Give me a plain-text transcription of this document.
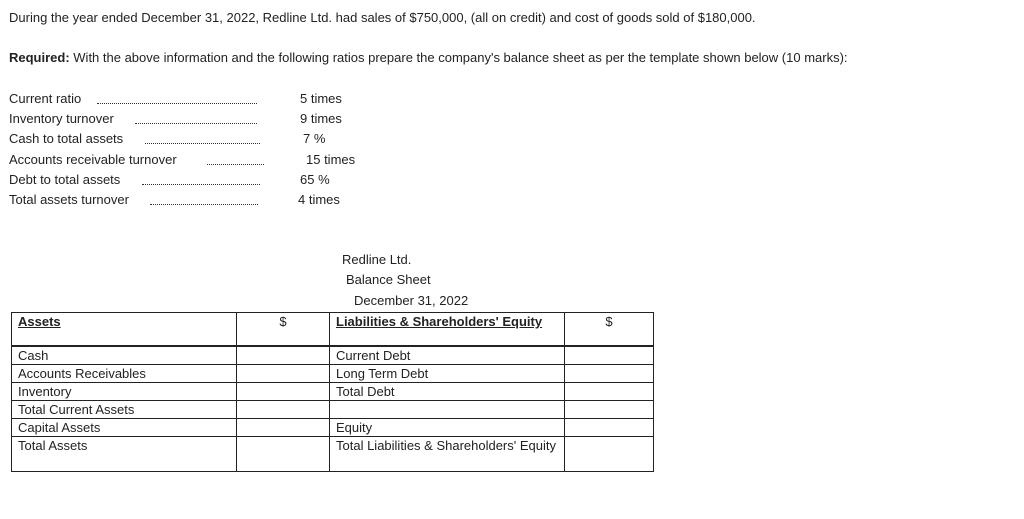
During the year ended December 31, 2022, Redline Ltd. had sales of $750,000, (all on credit) and cost of goods sold of $180,000.
Required: With the above information and the following ratios prepare the company's balance sheet as per the template shown below (10 marks):
Current ratio	5 times
Inventory turnover	9 times
Cash to total assets	7 %
Accounts receivable turnover	15 times
Debt to total assets	65 %
Total assets turnover	4 times
Redline Ltd.
Balance Sheet
December 31, 2022
Assets	$	Liabilities & Shareholders' Equity	$
Cash		Current Debt	
Accounts Receivables		Long Term Debt	
Inventory		Total Debt	
Total Current Assets			
Capital Assets		Equity	
Total Assets		Total Liabilities & Shareholders' Equity	
